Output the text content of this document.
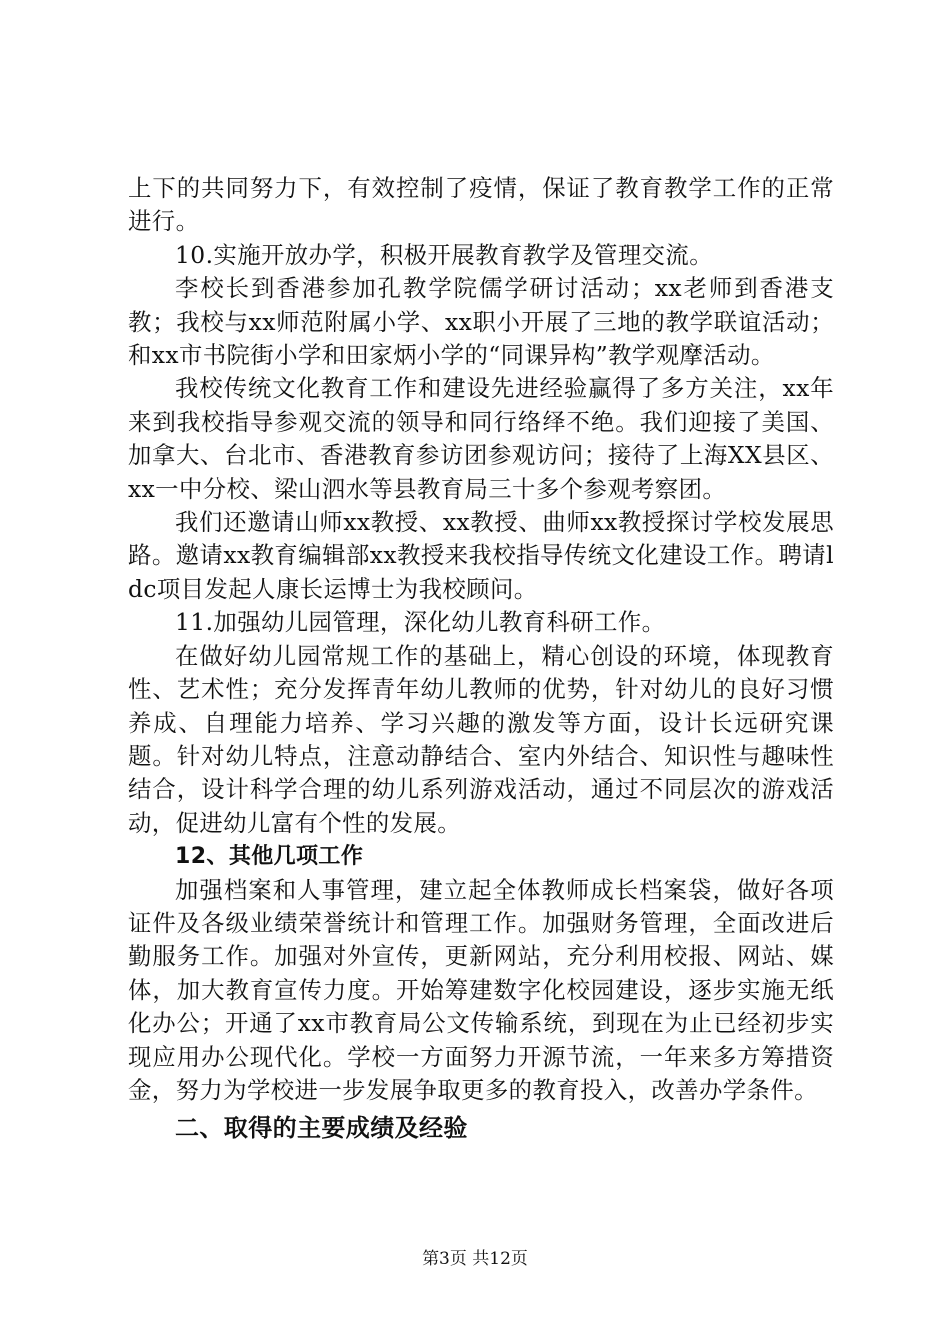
上下的共同努力下，有效控制了疫情，保证了教育教学工作的正常进行。

10.实施开放办学，积极开展教育教学及管理交流。

李校长到香港参加孔教学院儒学研讨活动；xx老师到香港支教；我校与xx师范附属小学、xx职小开展了三地的教学联谊活动；和xx市书院街小学和田家炳小学的“同课异构”教学观摩活动。

我校传统文化教育工作和建设先进经验赢得了多方关注，xx年来到我校指导参观交流的领导和同行络绎不绝。我们迎接了美国、加拿大、台北市、香港教育参访团参观访问；接待了上海XX县区、xx一中分校、梁山泗水等县教育局三十多个参观考察团。

我们还邀请山师xx教授、xx教授、曲师xx教授探讨学校发展思路。邀请xx教育编辑部xx教授来我校指导传统文化建设工作。聘请ldc项目发起人康长运博士为我校顾问。

11.加强幼儿园管理，深化幼儿教育科研工作。

在做好幼儿园常规工作的基础上，精心创设的环境，体现教育性、艺术性；充分发挥青年幼儿教师的优势，针对幼儿的良好习惯养成、自理能力培养、学习兴趣的激发等方面，设计长远研究课题。针对幼儿特点，注意动静结合、室内外结合、知识性与趣味性结合，设计科学合理的幼儿系列游戏活动，通过不同层次的游戏活动，促进幼儿富有个性的发展。

12、其他几项工作

加强档案和人事管理，建立起全体教师成长档案袋，做好各项证件及各级业绩荣誉统计和管理工作。加强财务管理，全面改进后勤服务工作。加强对外宣传，更新网站，充分利用校报、网站、媒体，加大教育宣传力度。开始筹建数字化校园建设，逐步实施无纸化办公；开通了xx市教育局公文传输系统，到现在为止已经初步实现应用办公现代化。学校一方面努力开源节流，一年来多方筹措资金，努力为学校进一步发展争取更多的教育投入，改善办学条件。

二、取得的主要成绩及经验

第3页 共12页
